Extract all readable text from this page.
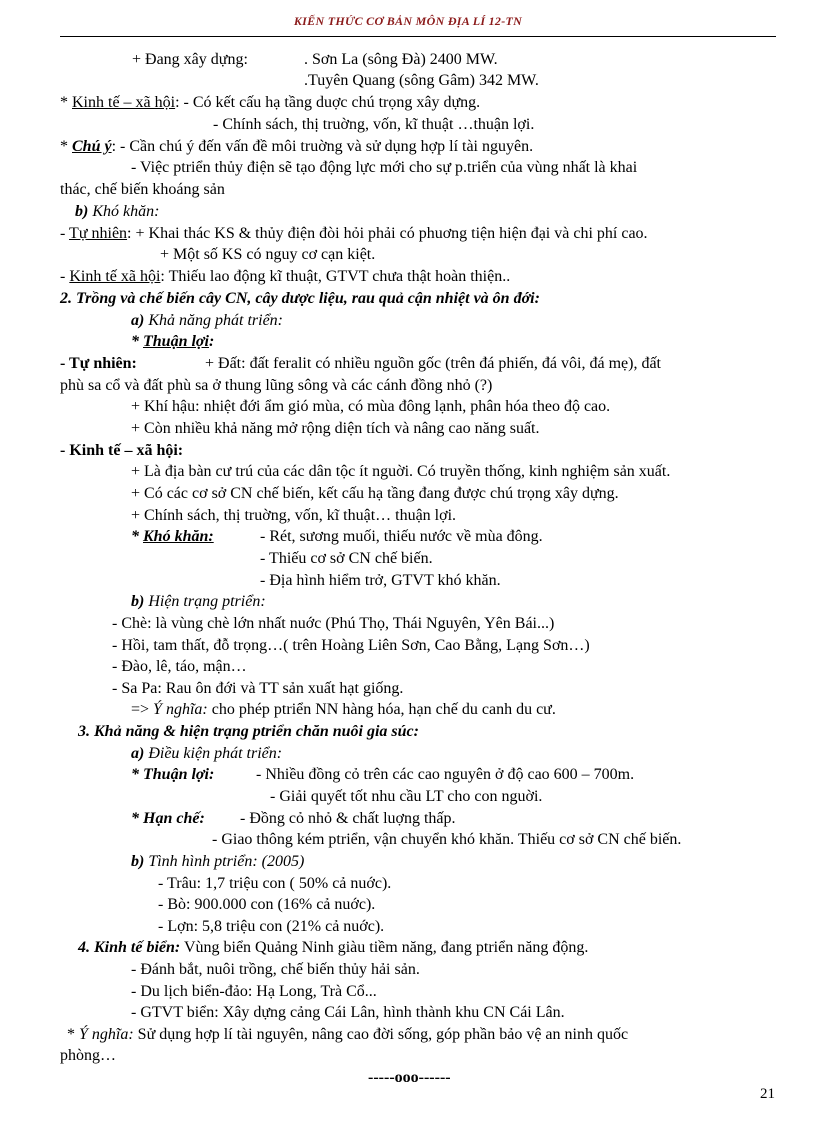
KIẾN THỨC CƠ BẢN MÔN ĐỊA LÍ 12-TN
+ Đang xây dựng:	. Sơn La (sông Đà) 2400 MW.
.Tuyên Quang (sông Gâm) 342 MW.
* Kinh tế – xã hội: - Có kết cấu hạ tầng duợc chú trọng xây dựng.
- Chính sách, thị truờng, vốn, kĩ thuật …thuận lợi.
* Chú ý: - Cần chú ý đến vấn đề môi truờng và sử dụng hợp lí tài nguyên.
- Việc ptriển thủy điện sẽ tạo động lực mới cho sự p.triển của vùng nhất là khai
thác, chế biến khoáng sản
b) Khó khăn:
- Tự nhiên: + Khai thác KS & thủy điện đòi hỏi phải có phuơng tiện hiện đại và chi phí cao.
+ Một số KS có nguy cơ cạn kiệt.
- Kinh tế xã hội: Thiếu lao động kĩ thuật, GTVT chưa thật hoàn thiện..
2. Trồng và chế biến cây CN, cây dược liệu, rau quả cận nhiệt và ôn đới:
a) Khả năng phát triển:
* Thuận lợi:
- Tự nhiên:	+ Đất: đất feralit có nhiều nguồn gốc (trên đá phiến, đá vôi, đá mẹ), đất
phù sa cổ và đất phù sa ở thung lũng sông và các cánh đồng nhỏ (?)
+ Khí hậu: nhiệt đới ẩm gió mùa, có mùa đông lạnh, phân hóa theo độ cao.
+ Còn nhiều khả năng mở rộng diện tích và nâng cao năng suất.
- Kinh tế – xã hội:
+ Là địa bàn cư trú của các dân tộc ít nguời. Có truyền thống, kinh nghiệm sản xuất.
+ Có các cơ sở CN chế biến, kết cấu hạ tầng đang được chú trọng xây dựng.
+ Chính sách, thị truờng, vốn, kĩ thuật… thuận lợi.
* Khó khăn:	- Rét, sương muối, thiếu nước về mùa đông.
- Thiếu cơ sở CN chế biến.
- Địa hình hiểm trở, GTVT khó khăn.
b) Hiện trạng ptriển:
- Chè: là vùng chè lớn nhất nuớc (Phú Thọ, Thái Nguyên, Yên Bái...)
- Hồi, tam thất, đỗ trọng…( trên Hoàng Liên Sơn, Cao Bằng, Lạng Sơn…)
- Đào, lê, táo, mận…
- Sa Pa: Rau ôn đới và TT sản xuất hạt giống.
=> Ý nghĩa: cho phép ptriển NN hàng hóa, hạn chế du canh du cư.
3. Khả năng & hiện trạng ptriển chăn nuôi gia súc:
a) Điều kiện phát triển:
* Thuận lợi:	- Nhiều đồng cỏ trên các cao nguyên ở độ cao 600 – 700m.
- Giải quyết tốt nhu cầu LT cho con nguời.
* Hạn chế: - Đồng cỏ nhỏ & chất luợng thấp.
- Giao thông kém ptriển, vận chuyển khó khăn. Thiếu cơ sở CN chế biến.
b) Tình hình ptriển: (2005)
- Trâu: 1,7 triệu con ( 50% cả nuớc).
- Bò: 900.000 con (16% cả nuớc).
- Lợn: 5,8 triệu con (21% cả nuớc).
4. Kinh tế biển: Vùng biển Quảng Ninh giàu tiềm năng, đang ptriển năng động.
- Đánh bắt, nuôi trồng, chế biến thủy hải sản.
- Du lịch biển-đảo: Hạ Long, Trà Cổ...
- GTVT biển: Xây dựng cảng Cái Lân, hình thành khu CN Cái Lân.
* Ý nghĩa: Sử dụng hợp lí tài nguyên, nâng cao đời sống, góp phần bảo vệ an ninh quốc
phòng…
-----ooo------
21
